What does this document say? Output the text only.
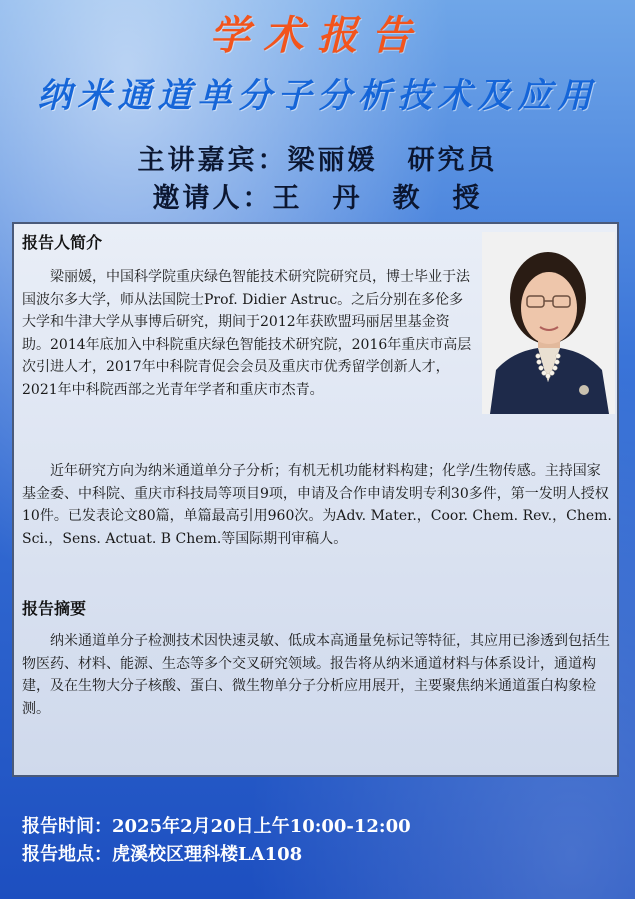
学术报告
纳米通道单分子分析技术及应用
主讲嘉宾：梁丽媛　研究员
邀请人：王　丹　教　授
报告人简介

梁丽媛，中国科学院重庆绿色智能技术研究院研究员，博士毕业于法国波尔多大学，师从法国院士Prof. Didier Astruc。之后分别在多伦多大学和牛津大学从事博后研究，期间于2012年获欧盟玛丽居里基金资助。2014年底加入中科院重庆绿色智能技术研究院，2016年重庆市高层次引进人才，2017年中科院青促会会员及重庆市优秀留学创新人才，2021年中科院西部之光青年学者和重庆市杰青。

近年研究方向为纳米通道单分子分析；有机无机功能材料构建；化学/生物传感。主持国家基金委、中科院、重庆市科技局等项目9项，申请及合作申请发明专利30多件，第一发明人授权10件。已发表论文80篇，单篇最高引用960次。为Adv. Mater.，Coor. Chem. Rev.，Chem. Sci.，Sens. Actuat. B Chem.等国际期刊审稿人。

报告摘要

纳米通道单分子检测技术因快速灵敏、低成本高通量免标记等特征，其应用已渗透到包括生物医药、材料、能源、生态等多个交叉研究领域。报告将从纳米通道材料与体系设计，通道构建，及在生物大分子核酸、蛋白、微生物单分子分析应用展开，主要聚焦纳米通道蛋白构象检测。

报告时间：2025年2月20日上午10:00-12:00
报告地点：虎溪校区理科楼LA108
